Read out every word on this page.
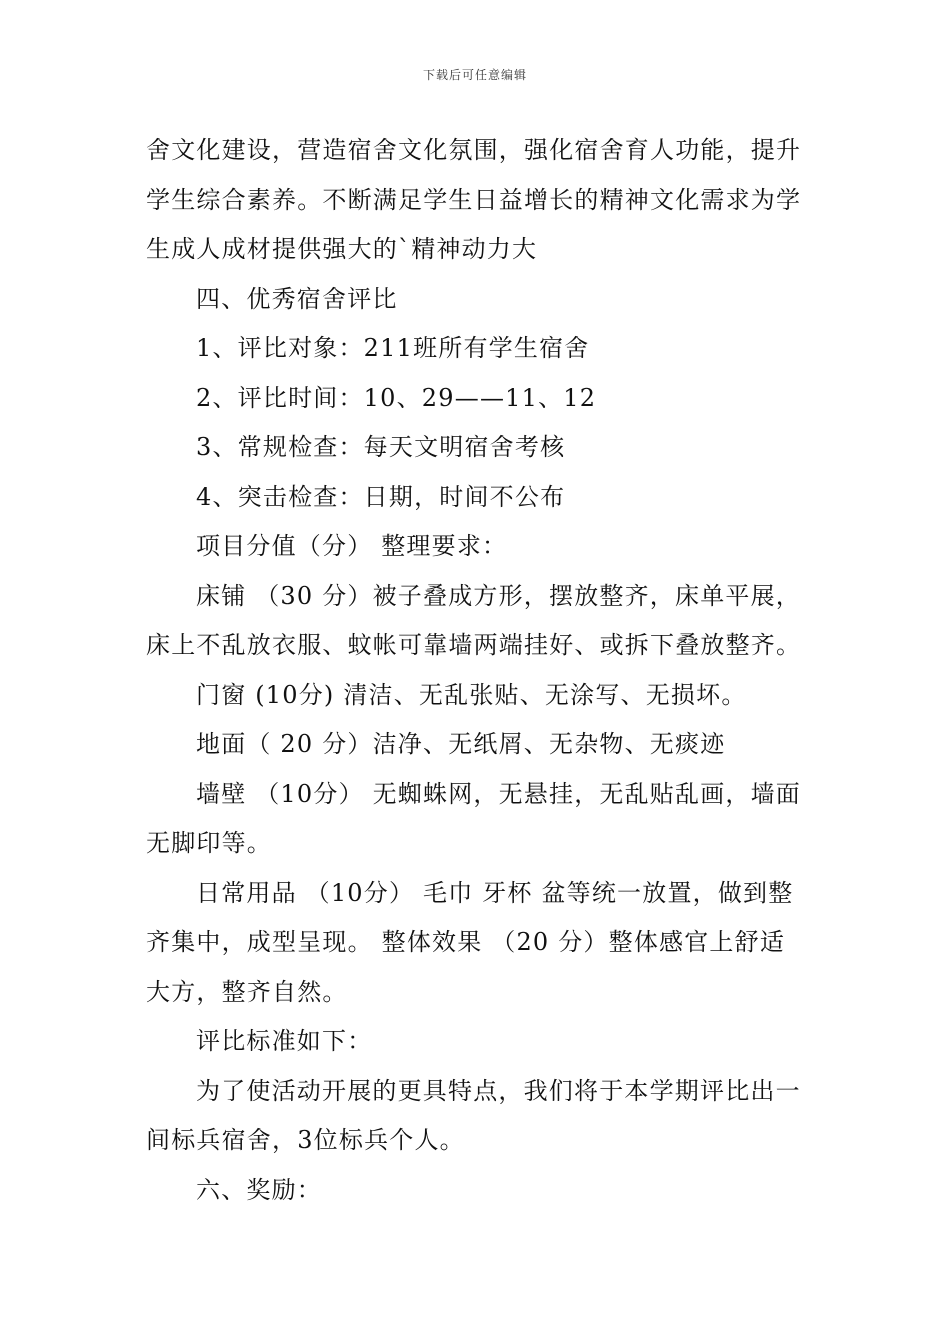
下载后可任意编辑

舍文化建设，营造宿舍文化氛围，强化宿舍育人功能，提升学生综合素养。不断满足学生日益增长的精神文化需求为学生成人成材提供强大的`精神动力大

四、优秀宿舍评比

1、评比对象：211班所有学生宿舍

2、评比时间：10、29——11、12

3、常规检查：每天文明宿舍考核

4、突击检查：日期，时间不公布

项目分值（分） 整理要求：

床铺 （30 分）被子叠成方形，摆放整齐，床单平展，床上不乱放衣服、蚊帐可靠墙两端挂好、或拆下叠放整齐。

门窗 (10分) 清洁、无乱张贴、无涂写、无损坏。

地面（ 20 分）洁净、无纸屑、无杂物、无痰迹

墙壁 （10分） 无蜘蛛网，无悬挂，无乱贴乱画，墙面无脚印等。

日常用品 （10分） 毛巾 牙杯 盆等统一放置，做到整齐集中，成型呈现。 整体效果 （20 分）整体感官上舒适大方，整齐自然。

评比标准如下：

为了使活动开展的更具特点，我们将于本学期评比出一间标兵宿舍，3位标兵个人。

六、奖励：
